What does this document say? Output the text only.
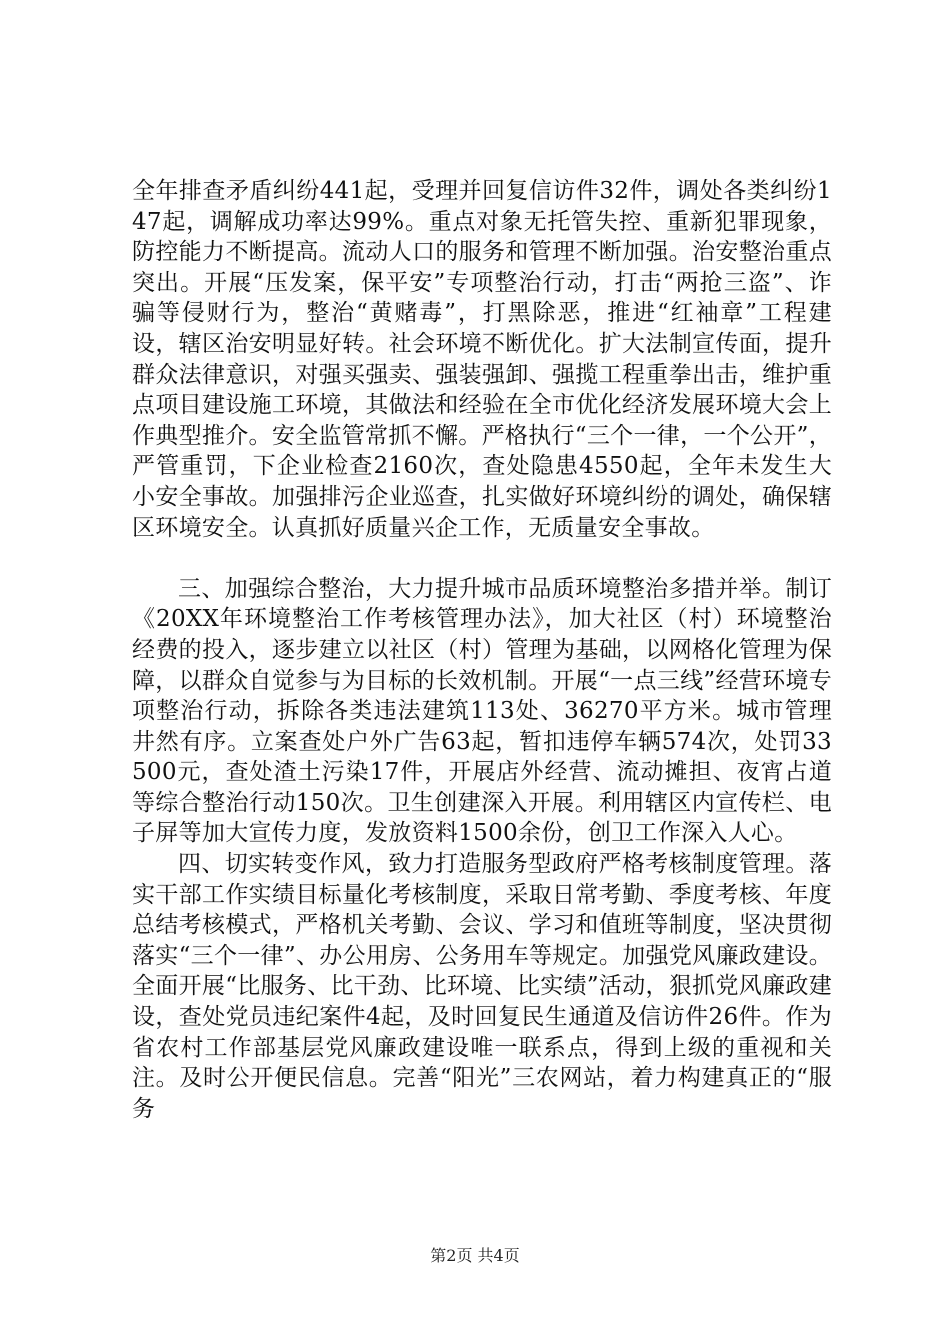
全年排查矛盾纠纷441起，受理并回复信访件32件，调处各类纠纷147起，调解成功率达99%。重点对象无托管失控、重新犯罪现象，防控能力不断提高。流动人口的服务和管理不断加强。治安整治重点突出。开展“压发案，保平安”专项整治行动，打击“两抢三盗”、诈骗等侵财行为，整治“黄赌毒”，打黑除恶，推进“红袖章”工程建设，辖区治安明显好转。社会环境不断优化。扩大法制宣传面，提升群众法律意识，对强买强卖、强装强卸、强揽工程重拳出击，维护重点项目建设施工环境，其做法和经验在全市优化经济发展环境大会上作典型推介。安全监管常抓不懈。严格执行“三个一律，一个公开”，严管重罚，下企业检查2160次，查处隐患4550起，全年未发生大小安全事故。加强排污企业巡查，扎实做好环境纠纷的调处，确保辖区环境安全。认真抓好质量兴企工作，无质量安全事故。

三、加强综合整治，大力提升城市品质环境整治多措并举。制订《20XX年环境整治工作考核管理办法》，加大社区（村）环境整治经费的投入，逐步建立以社区（村）管理为基础，以网格化管理为保障，以群众自觉参与为目标的长效机制。开展“一点三线”经营环境专项整治行动，拆除各类违法建筑113处、36270平方米。城市管理井然有序。立案查处户外广告63起，暂扣违停车辆574次，处罚33500元，查处渣土污染17件，开展店外经营、流动摊担、夜宵占道等综合整治行动150次。卫生创建深入开展。利用辖区内宣传栏、电子屏等加大宣传力度，发放资料1500余份，创卫工作深入人心。

四、切实转变作风，致力打造服务型政府严格考核制度管理。落实干部工作实绩目标量化考核制度，采取日常考勤、季度考核、年度总结考核模式，严格机关考勤、会议、学习和值班等制度，坚决贯彻落实“三个一律”、办公用房、公务用车等规定。加强党风廉政建设。全面开展“比服务、比干劲、比环境、比实绩”活动，狠抓党风廉政建设，查处党员违纪案件4起，及时回复民生通道及信访件26件。作为省农村工作部基层党风廉政建设唯一联系点，得到上级的重视和关注。及时公开便民信息。完善“阳光”三农网站，着力构建真正的“服务

第2页 共4页
